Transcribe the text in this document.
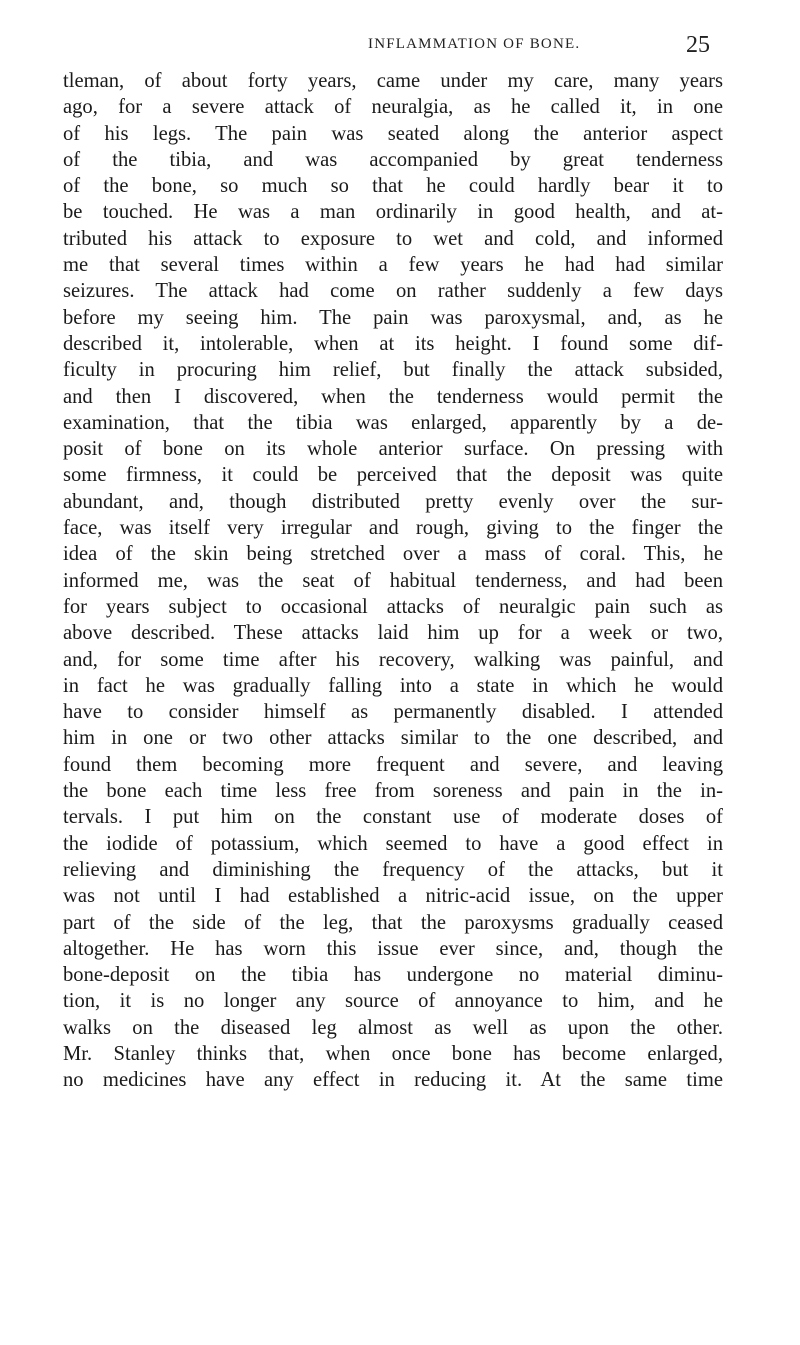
INFLAMMATION OF BONE.	25
tleman, of about forty years, came under my care, many years
ago, for a severe attack of neuralgia, as he called it, in one
of his legs. The pain was seated along the anterior aspect
of the tibia, and was accompanied by great tenderness
of the bone, so much so that he could hardly bear it to
be touched. He was a man ordinarily in good health, and at-
tributed his attack to exposure to wet and cold, and informed
me that several times within a few years he had had similar
seizures. The attack had come on rather suddenly a few days
before my seeing him. The pain was paroxysmal, and, as he
described it, intolerable, when at its height. I found some dif-
ficulty in procuring him relief, but finally the attack subsided,
and then I discovered, when the tenderness would permit the
examination, that the tibia was enlarged, apparently by a de-
posit of bone on its whole anterior surface. On pressing with
some firmness, it could be perceived that the deposit was quite
abundant, and, though distributed pretty evenly over the sur-
face, was itself very irregular and rough, giving to the finger the
idea of the skin being stretched over a mass of coral. This, he
informed me, was the seat of habitual tenderness, and had been
for years subject to occasional attacks of neuralgic pain such as
above described. These attacks laid him up for a week or two,
and, for some time after his recovery, walking was painful, and
in fact he was gradually falling into a state in which he would
have to consider himself as permanently disabled. I attended
him in one or two other attacks similar to the one described, and
found them becoming more frequent and severe, and leaving
the bone each time less free from soreness and pain in the in-
tervals. I put him on the constant use of moderate doses of
the iodide of potassium, which seemed to have a good effect in
relieving and diminishing the frequency of the attacks, but it
was not until I had established a nitric-acid issue, on the upper
part of the side of the leg, that the paroxysms gradually ceased
altogether. He has worn this issue ever since, and, though the
bone-deposit on the tibia has undergone no material diminu-
tion, it is no longer any source of annoyance to him, and he
walks on the diseased leg almost as well as upon the other.
Mr. Stanley thinks that, when once bone has become enlarged,
no medicines have any effect in reducing it. At the same time
